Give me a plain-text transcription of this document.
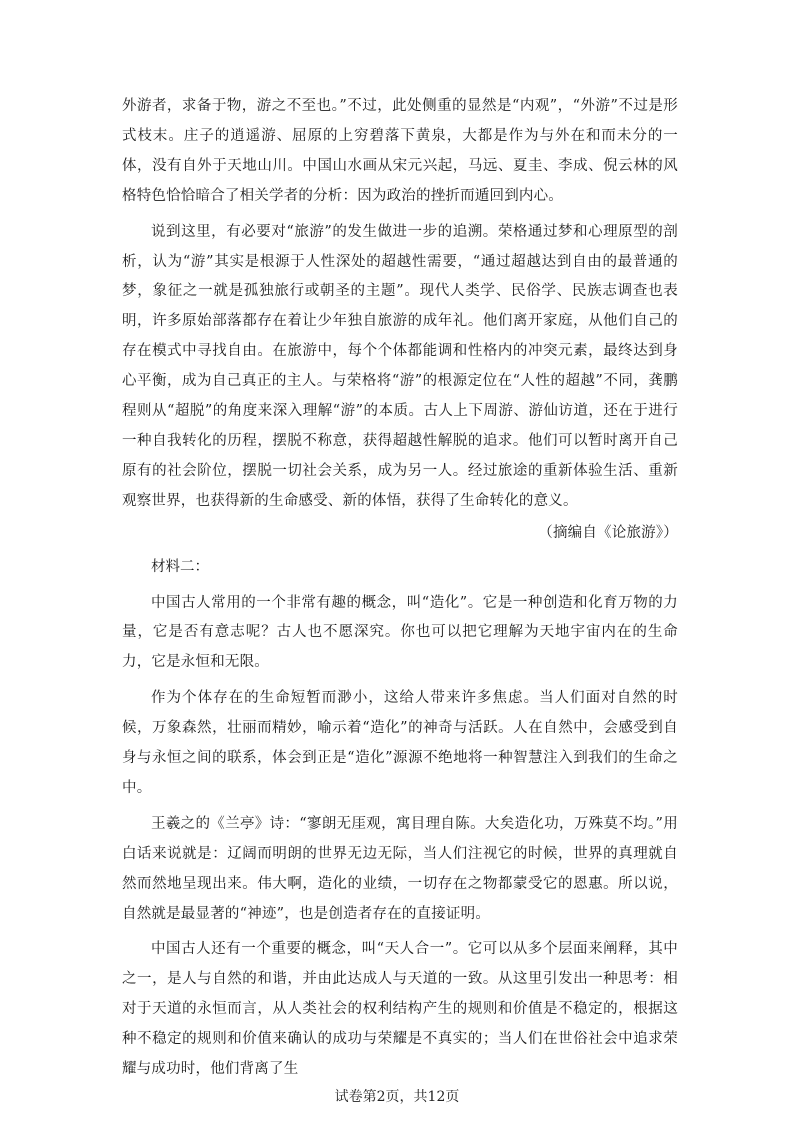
外游者，求备于物，游之不至也。”不过，此处侧重的显然是“内观”，“外游”不过是形式枝末。庄子的逍遥游、屈原的上穷碧落下黄泉，大都是作为与外在和而未分的一体，没有自外于天地山川。中国山水画从宋元兴起，马远、夏圭、李成、倪云林的风格特色恰恰暗合了相关学者的分析：因为政治的挫折而遁回到内心。

说到这里，有必要对“旅游”的发生做进一步的追溯。荣格通过梦和心理原型的剖析，认为“游”其实是根源于人性深处的超越性需要，“通过超越达到自由的最普通的梦，象征之一就是孤独旅行或朝圣的主题”。现代人类学、民俗学、民族志调查也表明，许多原始部落都存在着让少年独自旅游的成年礼。他们离开家庭，从他们自己的存在模式中寻找自由。在旅游中，每个个体都能调和性格内的冲突元素，最终达到身心平衡，成为自己真正的主人。与荣格将“游”的根源定位在“人性的超越”不同，龚鹏程则从“超脱”的角度来深入理解“游”的本质。古人上下周游、游仙访道，还在于进行一种自我转化的历程，摆脱不称意，获得超越性解脱的追求。他们可以暂时离开自己原有的社会阶位，摆脱一切社会关系，成为另一人。经过旅途的重新体验生活、重新观察世界，也获得新的生命感受、新的体悟，获得了生命转化的意义。

（摘编自《论旅游》）

材料二：

中国古人常用的一个非常有趣的概念，叫“造化”。它是一种创造和化育万物的力量，它是否有意志呢？古人也不愿深究。你也可以把它理解为天地宇宙内在的生命力，它是永恒和无限。

作为个体存在的生命短暂而渺小，这给人带来许多焦虑。当人们面对自然的时候，万象森然，壮丽而精妙，喻示着“造化”的神奇与活跃。人在自然中，会感受到自身与永恒之间的联系，体会到正是“造化”源源不绝地将一种智慧注入到我们的生命之中。

王羲之的《兰亭》诗：“寥朗无厓观，寓目理自陈。大矣造化功，万殊莫不均。”用白话来说就是：辽阔而明朗的世界无边无际，当人们注视它的时候，世界的真理就自然而然地呈现出来。伟大啊，造化的业绩，一切存在之物都蒙受它的恩惠。所以说，自然就是最显著的“神迹”，也是创造者存在的直接证明。

中国古人还有一个重要的概念，叫“天人合一”。它可以从多个层面来阐释，其中之一，是人与自然的和谐，并由此达成人与天道的一致。从这里引发出一种思考：相对于天道的永恒而言，从人类社会的权利结构产生的规则和价值是不稳定的，根据这种不稳定的规则和价值来确认的成功与荣耀是不真实的；当人们在世俗社会中追求荣耀与成功时，他们背离了生

试卷第2页，共12页
